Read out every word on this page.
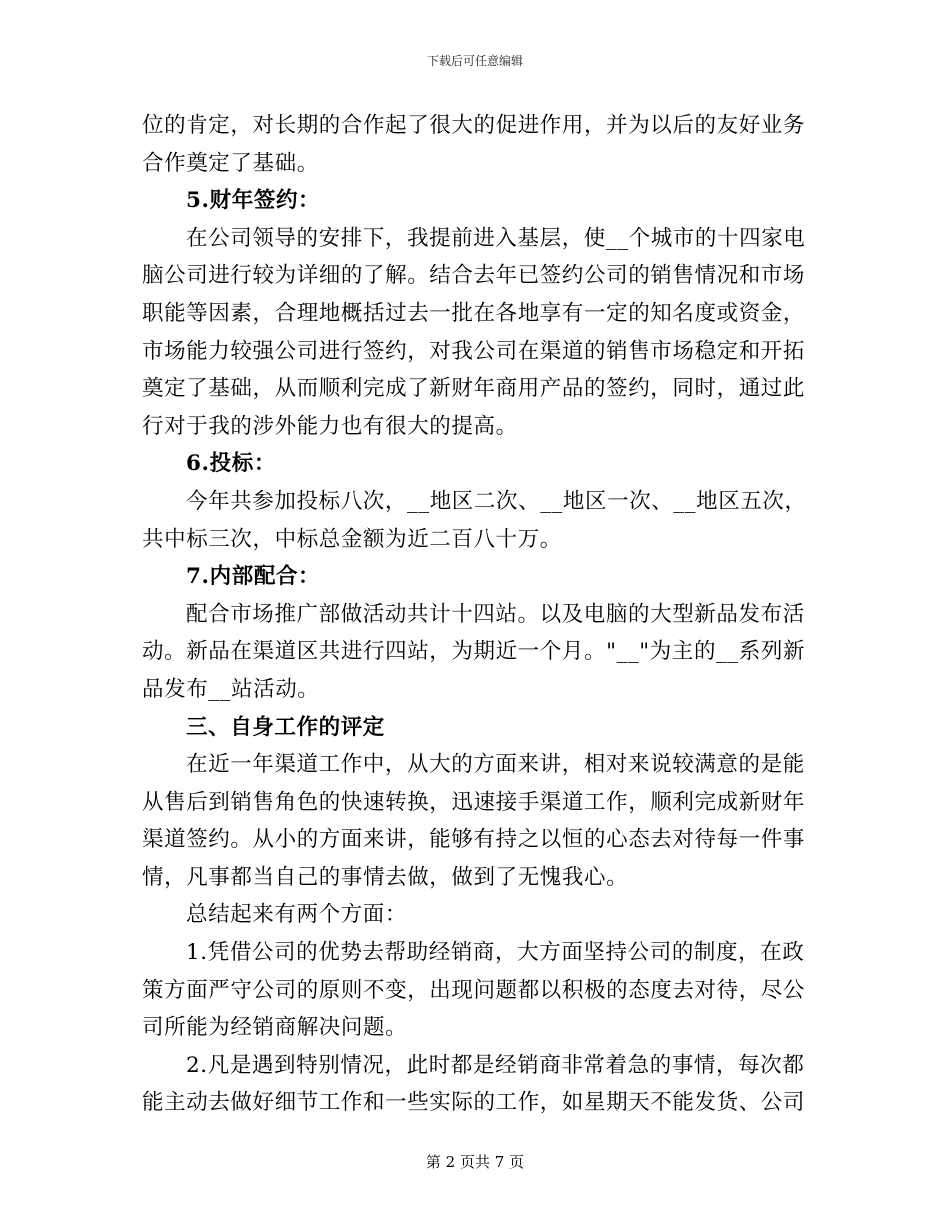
下载后可任意编辑
位的肯定，对长期的合作起了很大的促进作用，并为以后的友好业务
合作奠定了基础。
5.财年签约：
在公司领导的安排下，我提前进入基层，使__个城市的十四家电
脑公司进行较为详细的了解。结合去年已签约公司的销售情况和市场
职能等因素，合理地概括过去一批在各地享有一定的知名度或资金，
市场能力较强公司进行签约，对我公司在渠道的销售市场稳定和开拓
奠定了基础，从而顺利完成了新财年商用产品的签约，同时，通过此
行对于我的涉外能力也有很大的提高。
6.投标：
今年共参加投标八次，__地区二次、__地区一次、__地区五次，
共中标三次，中标总金额为近二百八十万。
7.内部配合：
配合市场推广部做活动共计十四站。以及电脑的大型新品发布活
动。新品在渠道区共进行四站，为期近一个月。"__"为主的__系列新
品发布__站活动。
三、自身工作的评定
在近一年渠道工作中，从大的方面来讲，相对来说较满意的是能
从售后到销售角色的快速转换，迅速接手渠道工作，顺利完成新财年
渠道签约。从小的方面来讲，能够有持之以恒的心态去对待每一件事
情，凡事都当自己的事情去做，做到了无愧我心。
总结起来有两个方面：
1.凭借公司的优势去帮助经销商，大方面坚持公司的制度，在政
策方面严守公司的原则不变，出现问题都以积极的态度去对待，尽公
司所能为经销商解决问题。
2.凡是遇到特别情况，此时都是经销商非常着急的事情，每次都
能主动去做好细节工作和一些实际的工作，如星期天不能发货、公司
第 2 页共 7 页
